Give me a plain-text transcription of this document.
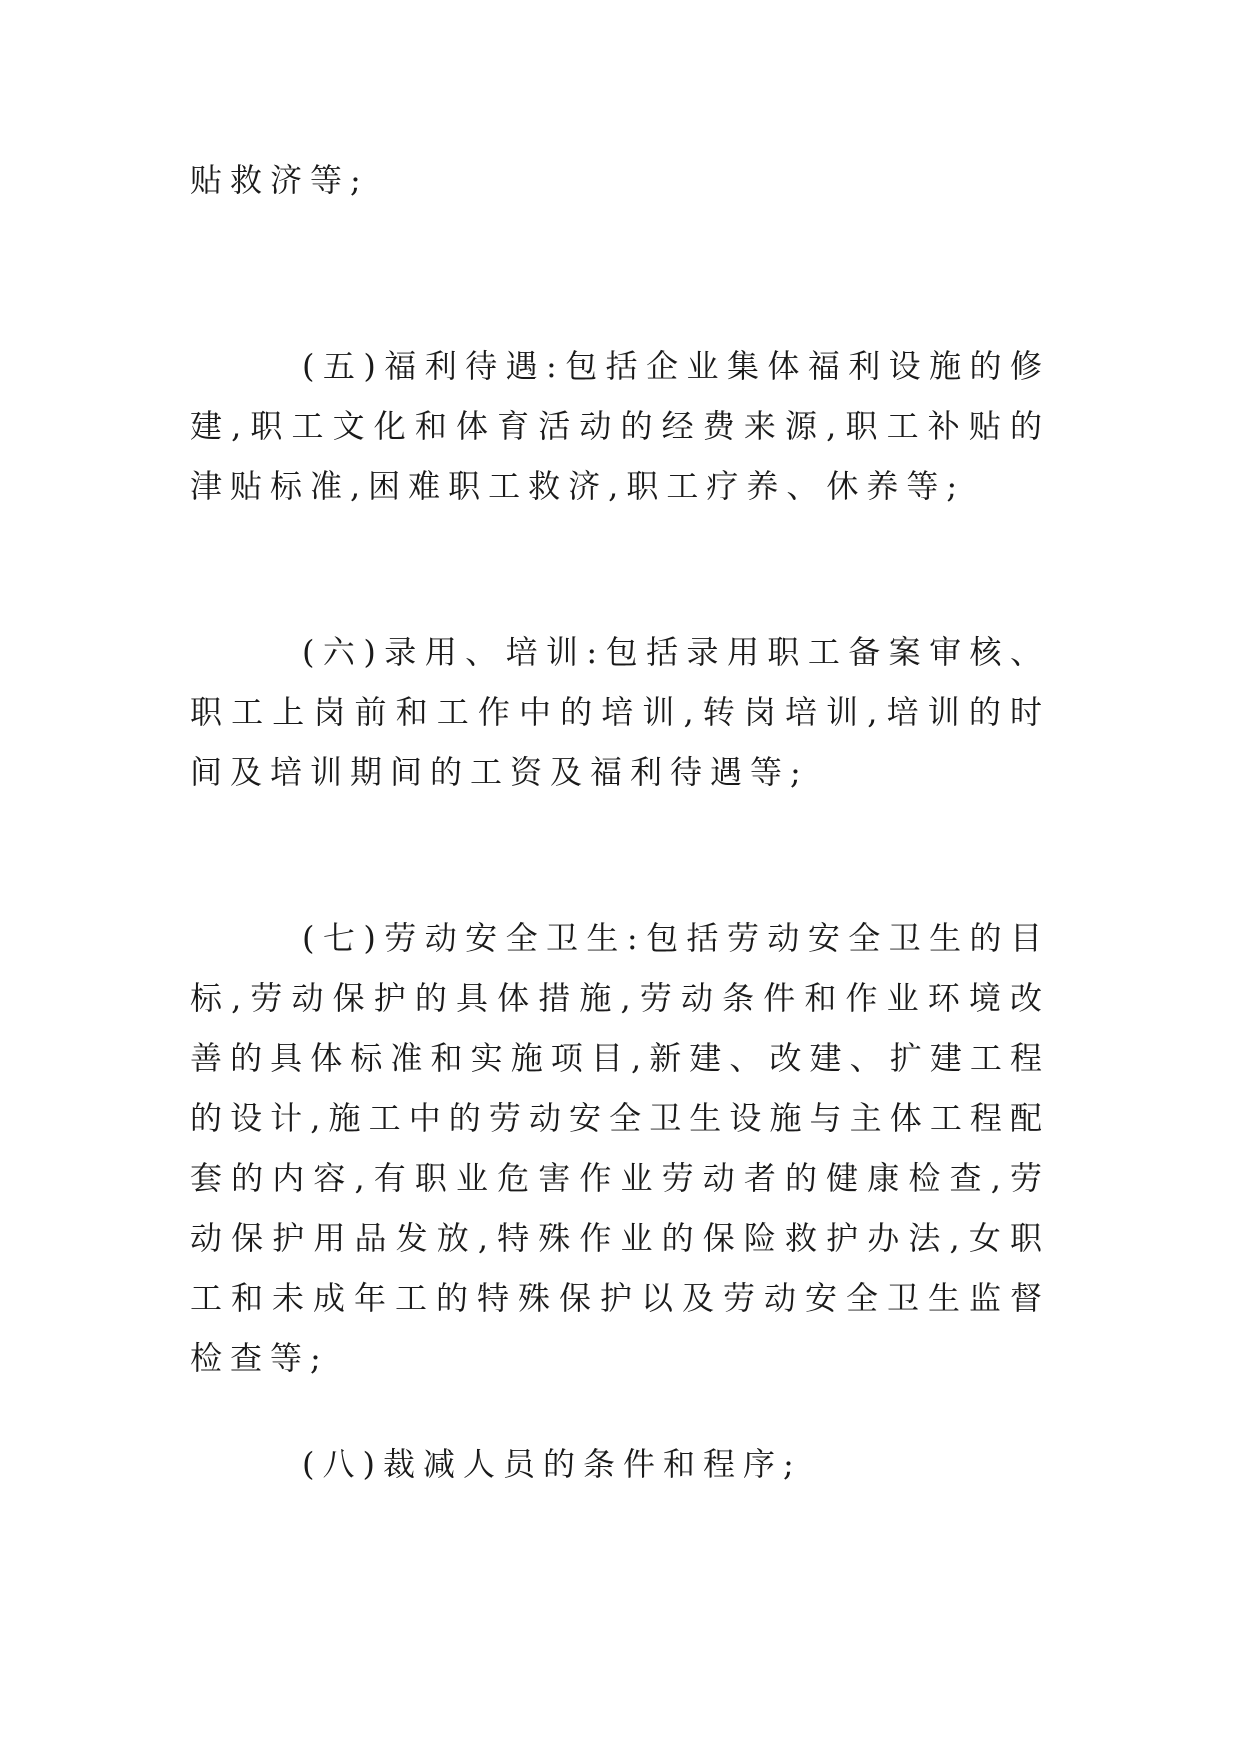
贴救济等;

(五)福利待遇:包括企业集体福利设施的修建,职工文化和体育活动的经费来源,职工补贴的津贴标准,困难职工救济,职工疗养、休养等;

(六)录用、培训:包括录用职工备案审核、职工上岗前和工作中的培训,转岗培训,培训的时间及培训期间的工资及福利待遇等;

(七)劳动安全卫生:包括劳动安全卫生的目标,劳动保护的具体措施,劳动条件和作业环境改善的具体标准和实施项目,新建、改建、扩建工程的设计,施工中的劳动安全卫生设施与主体工程配套的内容,有职业危害作业劳动者的健康检查,劳动保护用品发放,特殊作业的保险救护办法,女职工和未成年工的特殊保护以及劳动安全卫生监督检查等;

(八)裁减人员的条件和程序;
